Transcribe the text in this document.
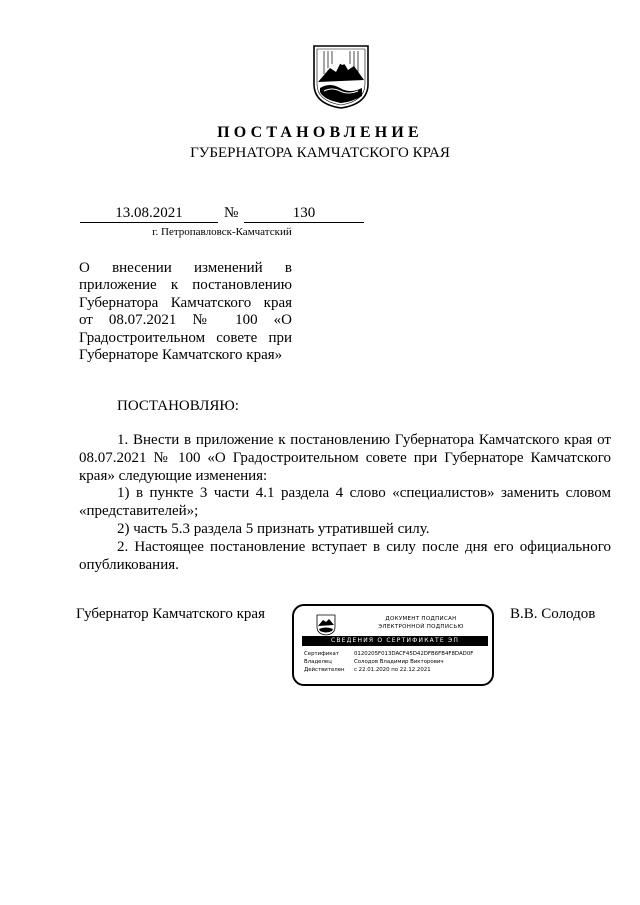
ПОСТАНОВЛЕНИЕ
ГУБЕРНАТОРА КАМЧАТСКОГО КРАЯ
13.08.2021	№	130
г. Петропавловск-Камчатский
О внесении изменений в приложение к постановлению Губернатора Камчатского края от 08.07.2021 № 100 «О Градостроительном совете при Губернаторе Камчатского края»
ПОСТАНОВЛЯЮ:

1. Внести в приложение к постановлению Губернатора Камчатского края от 08.07.2021 № 100 «О Градостроительном совете при Губернаторе Камчатского края» следующие изменения:

1) в пункте 3 части 4.1 раздела 4 слово «специалистов» заменить словом «представителей»;

2) часть 5.3 раздела 5 признать утратившей силу.

2. Настоящее постановление вступает в силу после дня его официального опубликования.

Губернатор Камчатского края	В.В. Солодов
ДОКУМЕНТ ПОДПИСАН
ЭЛЕКТРОННОЙ ПОДПИСЬЮ
СВЕДЕНИЯ О СЕРТИФИКАТЕ ЭП
Сертификат	0120205F013DACF45D42DFB6FB4F8DAD0F
Владелец	Солодов Владимир Викторович
Действителен с 22.01.2020 по 22.12.2021
